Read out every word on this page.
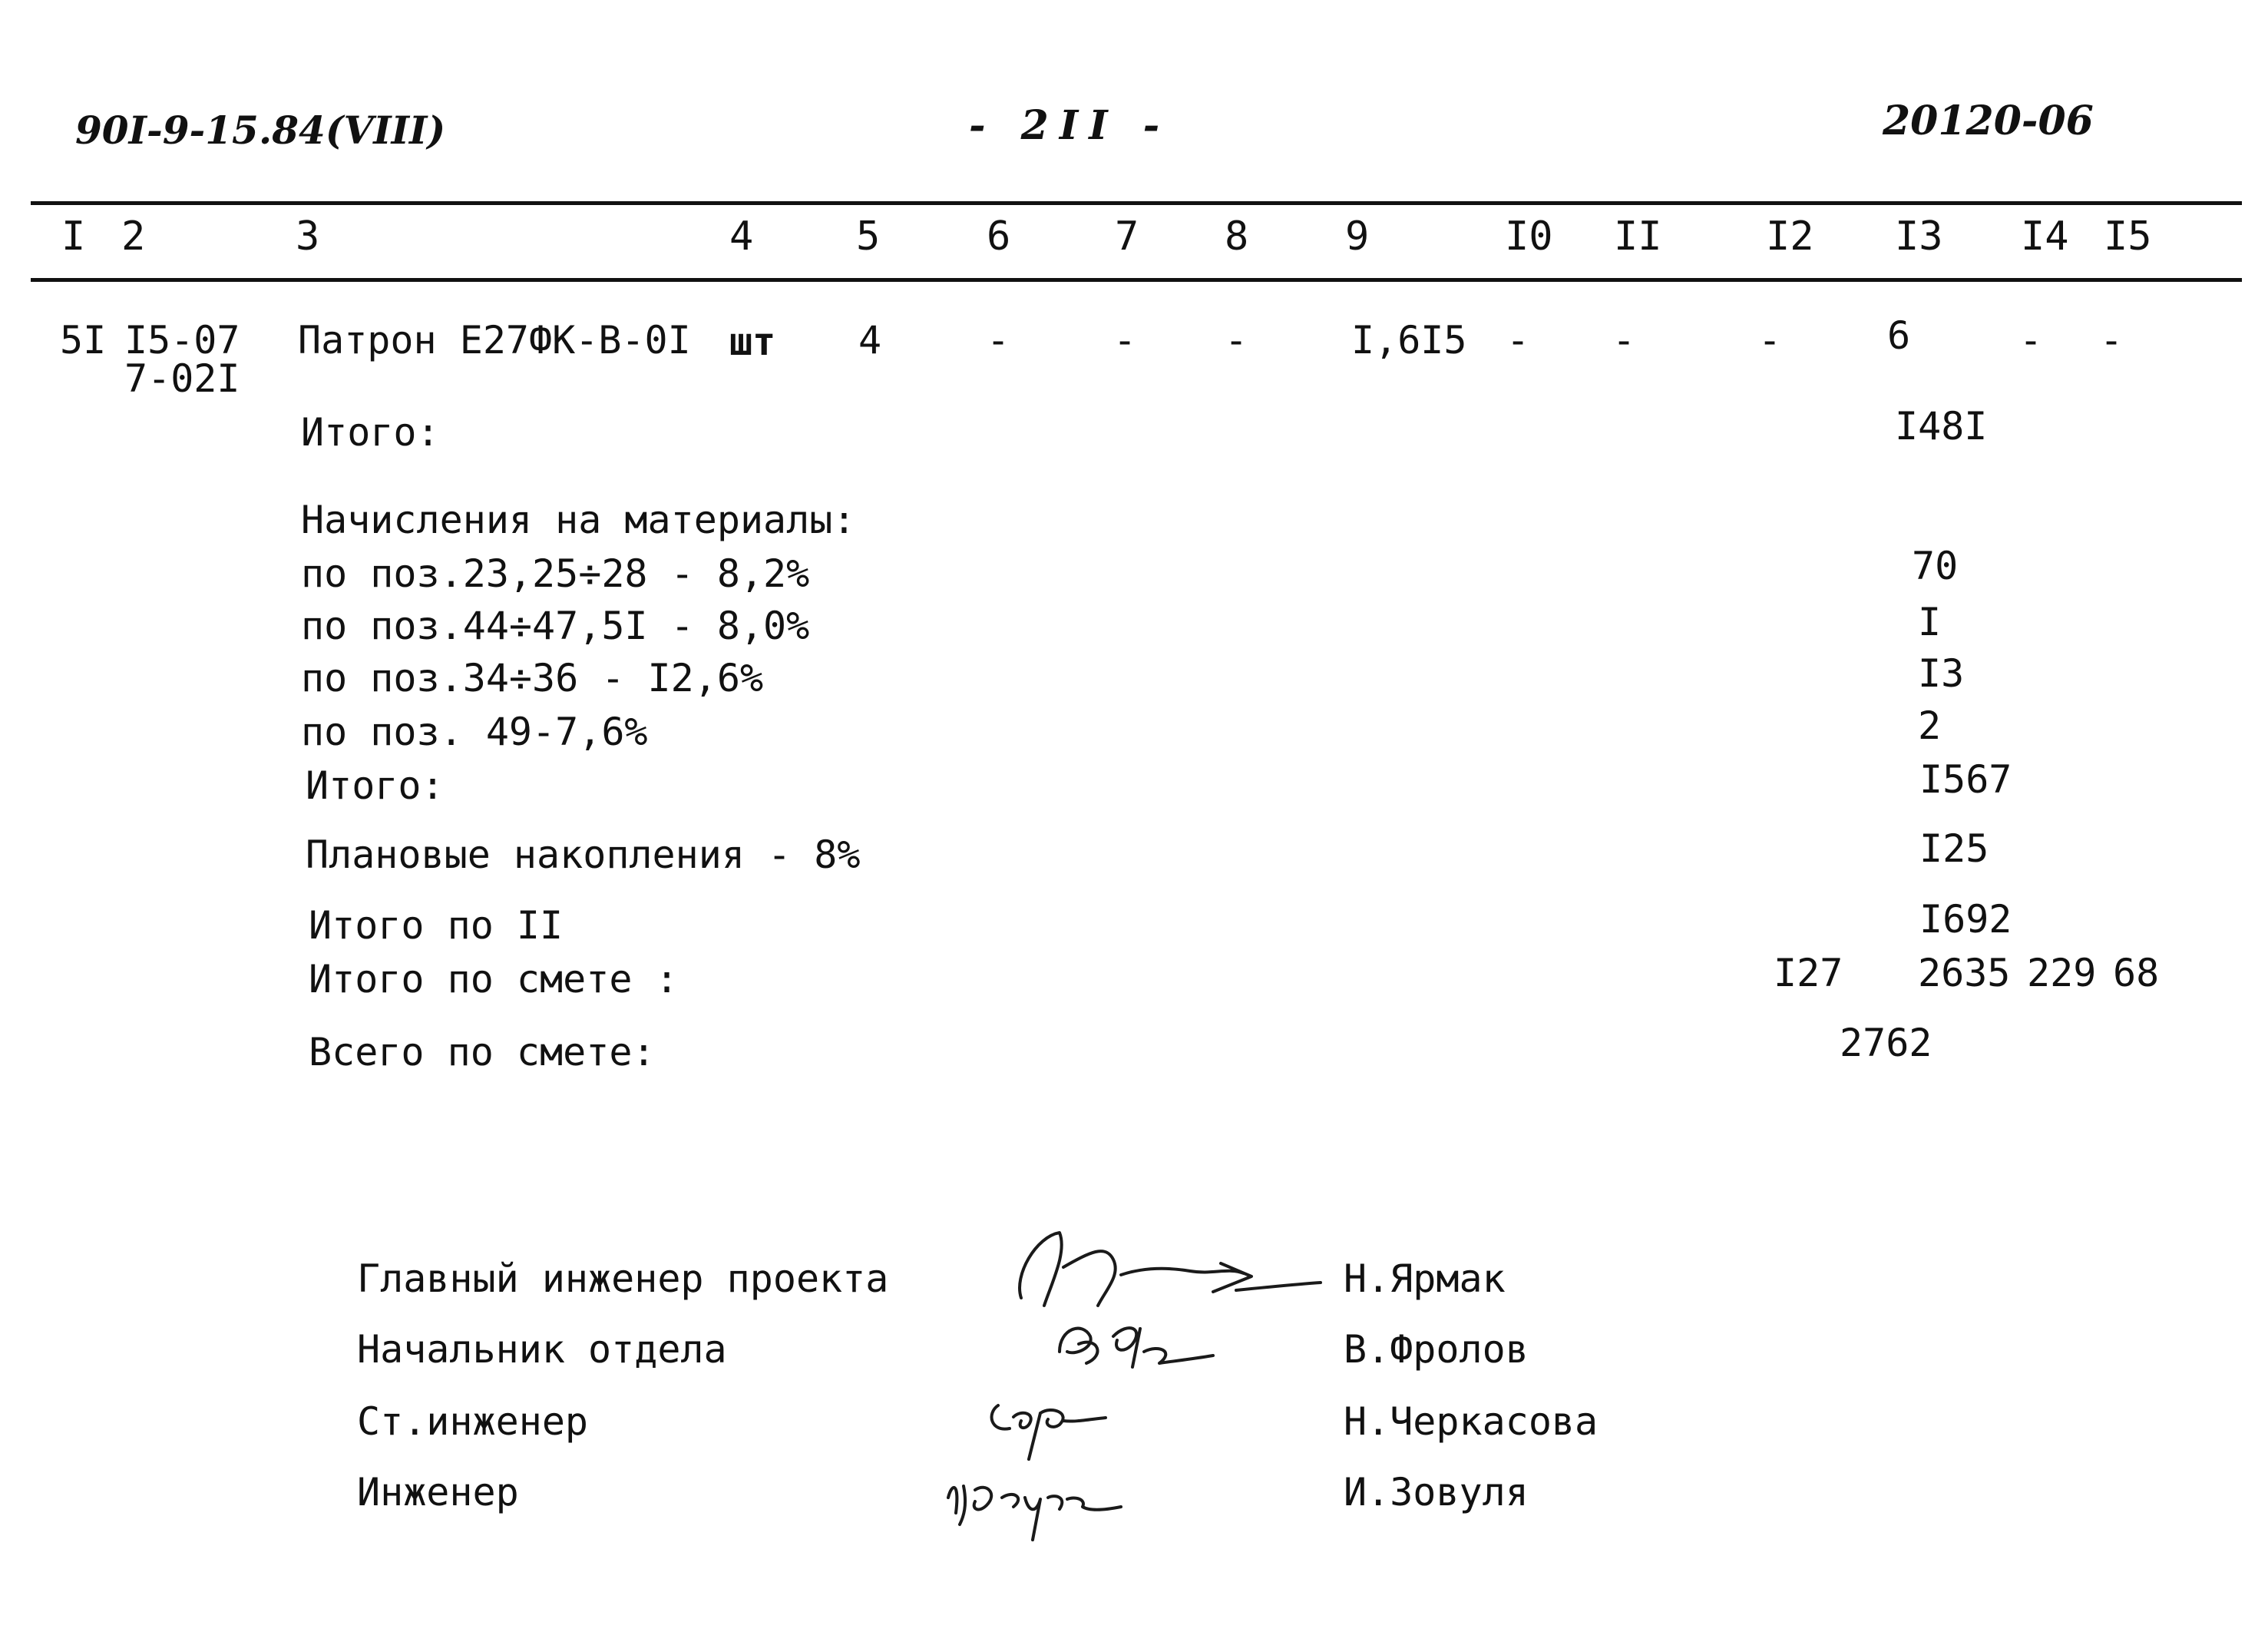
90I-9-15.84(VIII)	- 2II -	20120-06
I 2	3	4	5	6	7 8 9	I0 II	I2 I3 I4 I5
5I I5-07
7-02I
Патрон Е27ФК-В-0I шт 4	-	- -	I,6I5 - -	-	6	- -
Итого:	I48I
Начисления на материалы:
по поз.23,25÷28 - 8,2%	70
по поз.44÷47,5I - 8,0%	I
по поз.34÷36 - I2,6%	I3
по поз. 49-7,6%	2
Итого:	I567
Плановые накопления - 8%	I25
Итого по II	I692
Итого по смете :	I27 2635 229 68
Всего по смете:	2762
Главный инженер проекта	Н.Ярмак
Начальник отдела	В.Фролов
Ст.инженер	Н.Черкасова
Инженер	И.Зовуля
